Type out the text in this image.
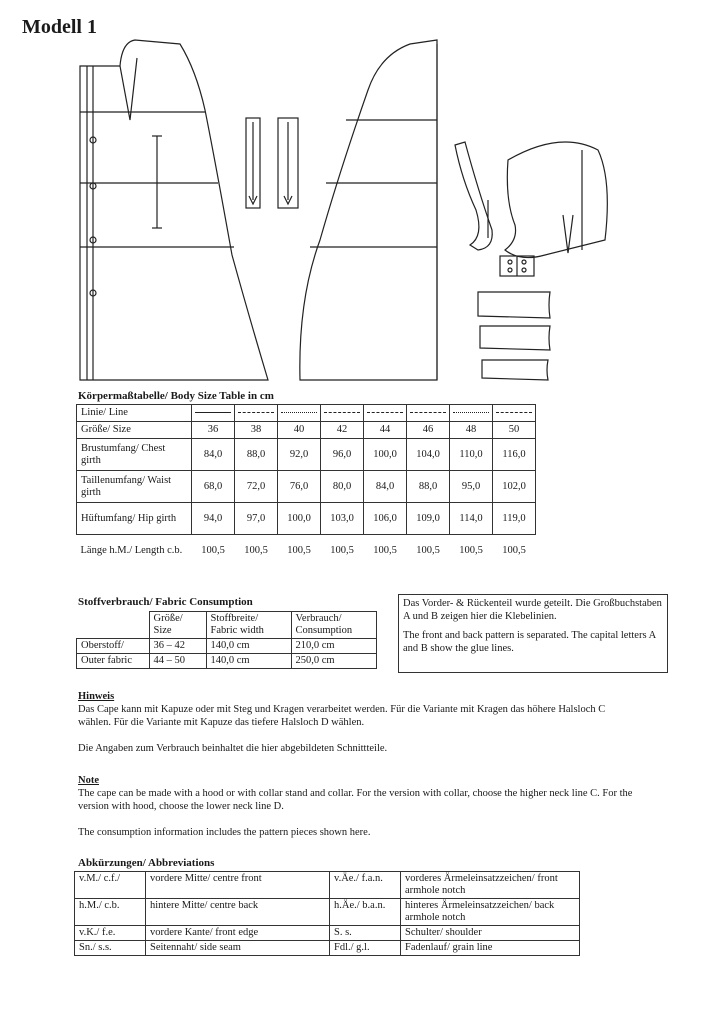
Modell 1
Körpermaßtabelle/ Body Size Table in cm
Linie/ Line								
Größe/ Size	36	38	40	42	44	46	48	50
Brustumfang/ Chest girth	84,0	88,0	92,0	96,0	100,0	104,0	110,0	116,0
Taillenumfang/ Waist girth	68,0	72,0	76,0	80,0	84,0	88,0	95,0	102,0
Hüftumfang/ Hip girth	94,0	97,0	100,0	103,0	106,0	109,0	114,0	119,0
Länge h.M./ Length c.b.	100,5	100,5	100,5	100,5	100,5	100,5	100,5	100,5
Stoffverbrauch/ Fabric Consumption
	Größe/ Size	Stoffbreite/ Fabric width	Verbrauch/ Consumption
Oberstoff/	36 – 42	140,0 cm	210,0 cm
Outer fabric	44 – 50	140,0 cm	250,0 cm

Das Vorder- & Rückenteil wurde geteilt. Die Großbuchstaben A und B zeigen hier die Klebelinien.

The front and back pattern is separated. The capital letters A and B show the glue lines.

Hinweis
Das Cape kann mit Kapuze oder mit Steg und Kragen verarbeitet werden. Für die Variante mit Kragen das höhere Halsloch C wählen. Für die Variante mit Kapuze das tiefere Halsloch D wählen.
Die Angaben zum Verbrauch beinhaltet die hier abgebildeten Schnittteile.
Note
The cape can be made with a hood or with collar stand and collar. For the version with collar, choose the higher neck line C. For the version with hood, choose the lower neck line D.
The consumption information includes the pattern pieces shown here.
Abkürzungen/ Abbreviations
v.M./ c.f./	vordere Mitte/ centre front	v.Äe./ f.a.n.	vorderes Ärmeleinsatzzeichen/ front armhole notch
h.M./ c.b.	hintere Mitte/ centre back	h.Äe./ b.a.n.	hinteres Ärmeleinsatzzeichen/ back armhole notch
v.K./ f.e.	vordere Kante/ front edge	S. s.	Schulter/ shoulder
Sn./ s.s.	Seitennaht/ side seam	Fdl./ g.l.	Fadenlauf/ grain line
